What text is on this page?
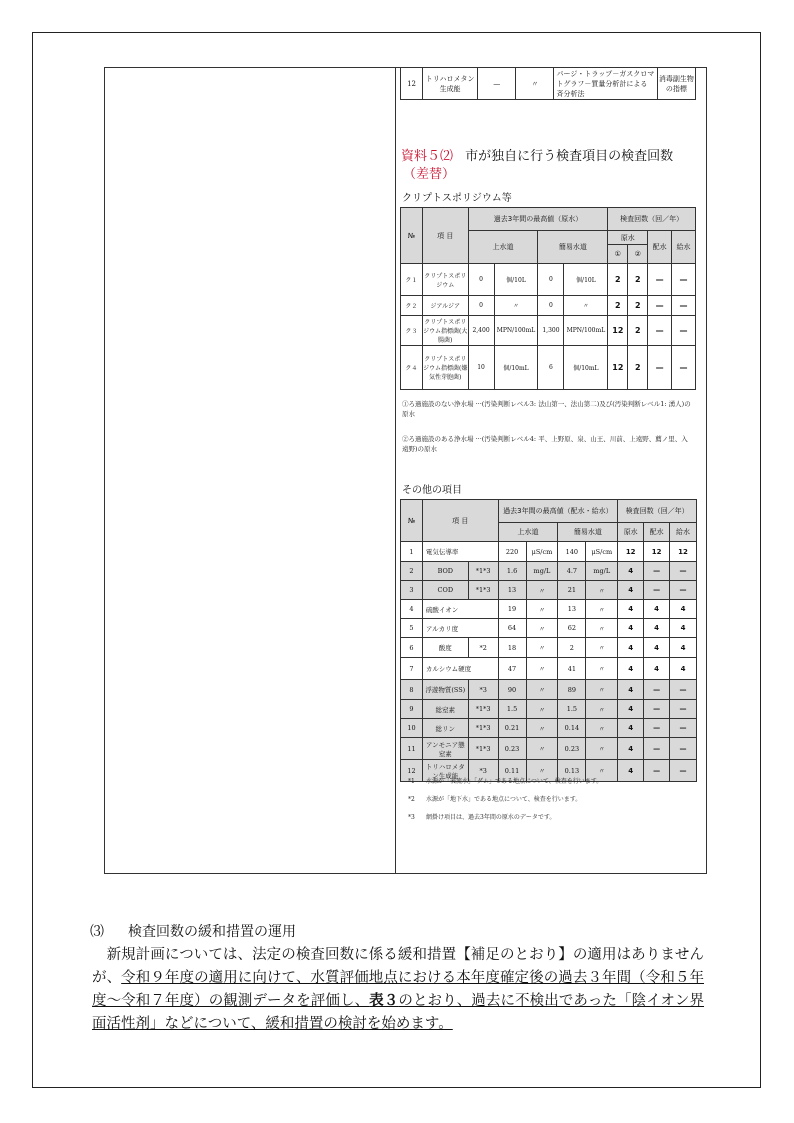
12	トリハロメタン生成能	—	〃	パージ・トラップ－ガスクロマトグラフ－質量分析計による 斉分析法	消毒副生物の指標
資料５⑵ 市が独自に行う検査項目の検査回数
（差替）
クリプトスポリジウム等
№	項 目	過去3年間の最高値（原水）				検査回数（回／年）			
		上水道		簡易水道		原水		配水	給水
						①	②		
ク１	クリプトスポリジウム	0	個/10L	0	個/10L	2	2	—	—
ク２	ジアルジア	0	〃	0	〃	2	2	—	—
ク３	クリプトスポリジウム指標菌(大腸菌)	2,400	MPN/100mL	1,300	MPN/100mL	12	2	—	—
ク４	クリプトスポリジウム指標菌(嫌気性芽胞菌)	10	個/10mL	6	個/10mL	12	2	—	—
①ろ過施設のない浄水場 ···(汚染判断レベル3: 法山第一、法山第二)及び(汚染判断レベル1: 湧人)の原水
②ろ過施設のある浄水場 ···(汚染判断レベル4: 平、上野原、泉、山王、川前、上遠野、薦ノ里、入遠野)の原水
その他の項目
№	項 目		過去3年間の最高値（配水・給水）				検査回数（回／年）		
			上水道		簡易水道				
							原水	配水	給水
1	電気伝導率		220	μS/cm	140	μS/cm	12	12	12
2	BOD	*1*3	1.6	mg/L	4.7	mg/L	4	—	—
3	COD	*1*3	13	〃	21	〃	4	—	—
4	硫酸イオン		19	〃	13	〃	4	4	4
5	アルカリ度		64	〃	62	〃	4	4	4
6	酸度	*2	18	〃	2	〃	4	4	4
7	カルシウム硬度		47	〃	41	〃	4	4	4
8	浮遊物質(SS)	*3	90	〃	89	〃	4	—	—
9	総窒素	*1*3	1.5	〃	1.5	〃	4	—	—
10	総リン	*1*3	0.21	〃	0.14	〃	4	—	—
11	アンモニア態窒素	*1*3	0.23	〃	0.23	〃	4	—	—
12	トリハロメタン生成能	*3	0.11	〃	0.13	〃	4	—	—
*1 水源が「表流水」「ダム」である地点について、検査を行います。
*2 水源が「地下水」である地点について、検査を行います。
*3 網掛け項目は、過去3年間の原水のデータです。
⑶ 検査回数の緩和措置の運用
　新規計画については、法定の検査回数に係る緩和措置【補足のとおり】の適用はありませんが、令和９年度の適用に向けて、水質評価地点における本年度確定後の過去３年間（令和５年度～令和７年度）の観測データを評価し、表３のとおり、過去に不検出であった「陰イオン界面活性剤」などについて、緩和措置の検討を始めます。
